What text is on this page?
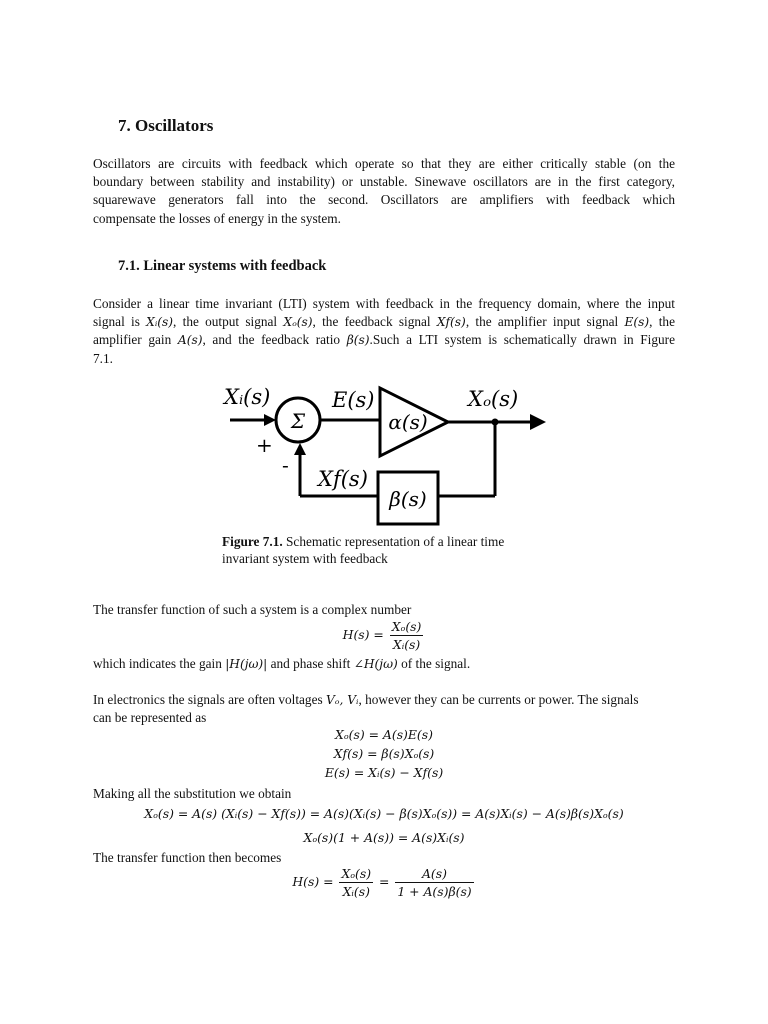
7. Oscillators
Oscillators are circuits with feedback which operate so that they are either critically stable (on the
boundary between stability and instability) or unstable. Sinewave oscillators are in the first category,
squarewave generators fall into the second. Oscillators are amplifiers with feedback which
compensate the losses of energy in the system.
7.1. Linear systems with feedback
Consider a linear time invariant (LTI) system with feedback in the frequency domain, where the input
signal is Xᵢ(s), the output signal Xₒ(s), the feedback signal X𝑓(s), the amplifier input signal E(s), the
amplifier gain A(s), and the feedback ratio β(s).Such a LTI system is schematically drawn in Figure
7.1.
Σ	α(s)
β(s)
Xᵢ(s)	E(s)	Xₒ(s)
+
-
X𝑓(s)
Figure 7.1. Schematic representation of a linear time invariant system with feedback
The transfer function of such a system is a complex number
$H(s) = \frac{\text{Xₒ(s)}}{\text{Xᵢ(s)}}$
which indicates the gain |H(jω)| and phase shift ∠H(jω) of the signal.
In electronics the signals are often voltages Vₒ, Vᵢ, however they can be currents or power. The signals
can be represented as
Xₒ(s) = A(s)E(s)
X𝑓(s) = β(s)Xₒ(s)
E(s) = Xᵢ(s) − X𝑓(s)
Making all the substitution we obtain
Xₒ(s) = A(s) (Xᵢ(s) − X𝑓(s)) = A(s)(Xᵢ(s) − β(s)Xₒ(s)) = A(s)Xᵢ(s) − A(s)β(s)Xₒ(s)
Xₒ(s)(1 + A(s)) = A(s)Xᵢ(s)
The transfer function then becomes
$H(s) = \frac{\text{Xₒ(s)}}{\text{Xᵢ(s)}} = \frac{A(s)}{1 + A(s)\beta(s)}$
